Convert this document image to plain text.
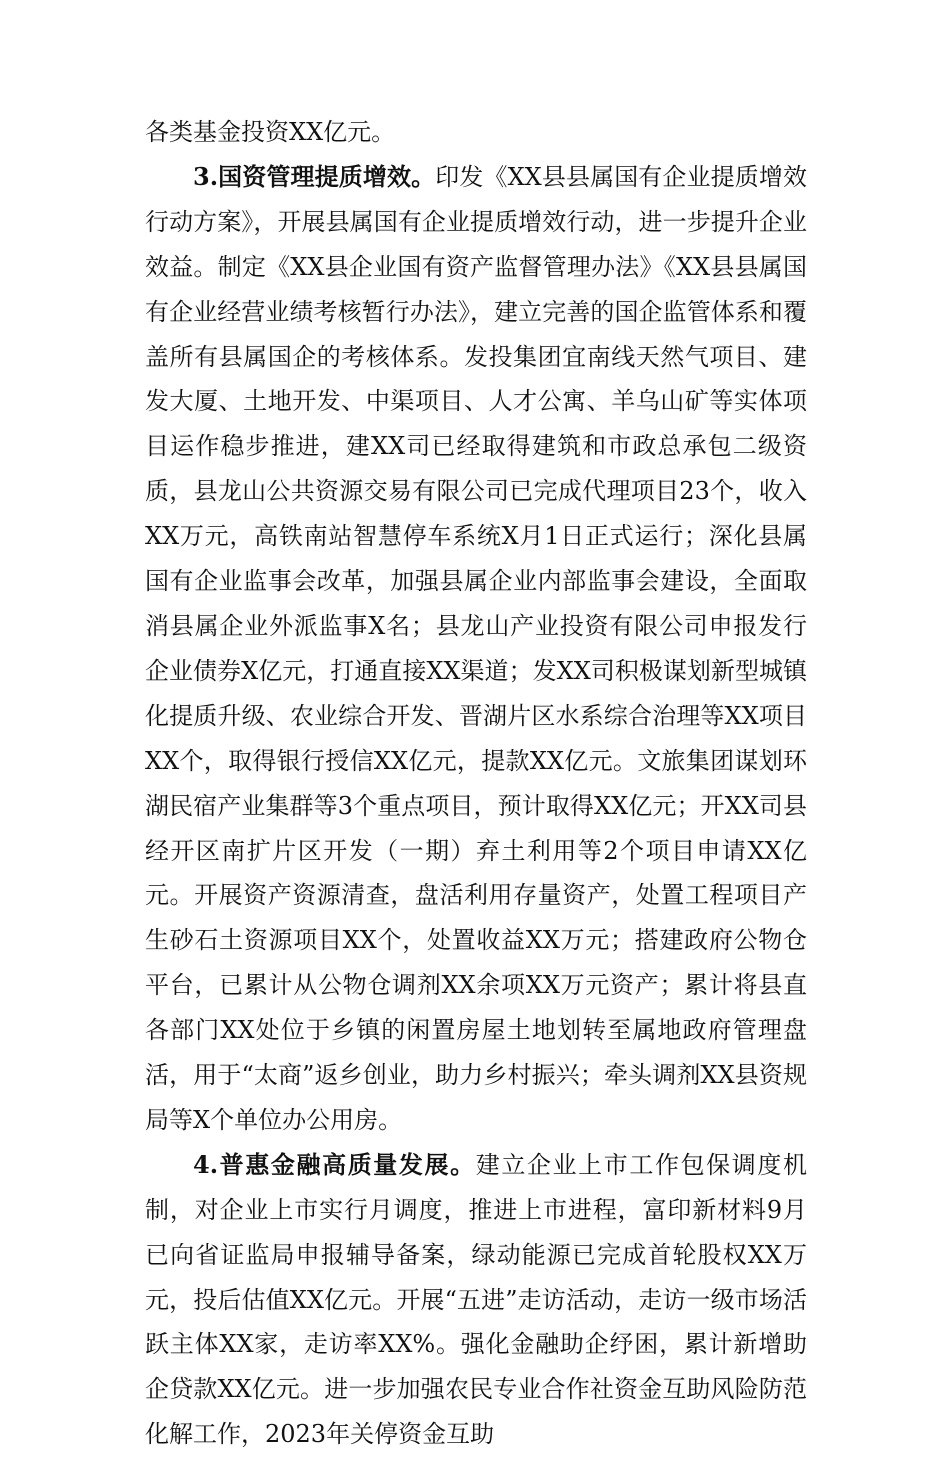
各类基金投资XX亿元。

3.国资管理提质增效。印发《XX县县属国有企业提质增效行动方案》，开展县属国有企业提质增效行动，进一步提升企业效益。制定《XX县企业国有资产监督管理办法》《XX县县属国有企业经营业绩考核暂行办法》，建立完善的国企监管体系和覆盖所有县属国企的考核体系。发投集团宜南线天然气项目、建发大厦、土地开发、中渠项目、人才公寓、羊乌山矿等实体项目运作稳步推进，建XX司已经取得建筑和市政总承包二级资质，县龙山公共资源交易有限公司已完成代理项目23个，收入XX万元，高铁南站智慧停车系统X月1日正式运行；深化县属国有企业监事会改革，加强县属企业内部监事会建设，全面取消县属企业外派监事X名；县龙山产业投资有限公司申报发行企业债券X亿元，打通直接XX渠道；发XX司积极谋划新型城镇化提质升级、农业综合开发、晋湖片区水系综合治理等XX项目XX个，取得银行授信XX亿元，提款XX亿元。文旅集团谋划环湖民宿产业集群等3个重点项目，预计取得XX亿元；开XX司县经开区南扩片区开发（一期）弃土利用等2个项目申请XX亿元。开展资产资源清查，盘活利用存量资产，处置工程项目产生砂石土资源项目XX个，处置收益XX万元；搭建政府公物仓平台，已累计从公物仓调剂XX余项XX万元资产；累计将县直各部门XX处位于乡镇的闲置房屋土地划转至属地政府管理盘活，用于“太商”返乡创业，助力乡村振兴；牵头调剂XX县资规局等X个单位办公用房。

4.普惠金融高质量发展。建立企业上市工作包保调度机制，对企业上市实行月调度，推进上市进程，富印新材料9月已向省证监局申报辅导备案，绿动能源已完成首轮股权XX万元，投后估值XX亿元。开展“五进”走访活动，走访一级市场活跃主体XX家，走访率XX%。强化金融助企纾困，累计新增助企贷款XX亿元。进一步加强农民专业合作社资金互助风险防范化解工作，2023年关停资金互助
